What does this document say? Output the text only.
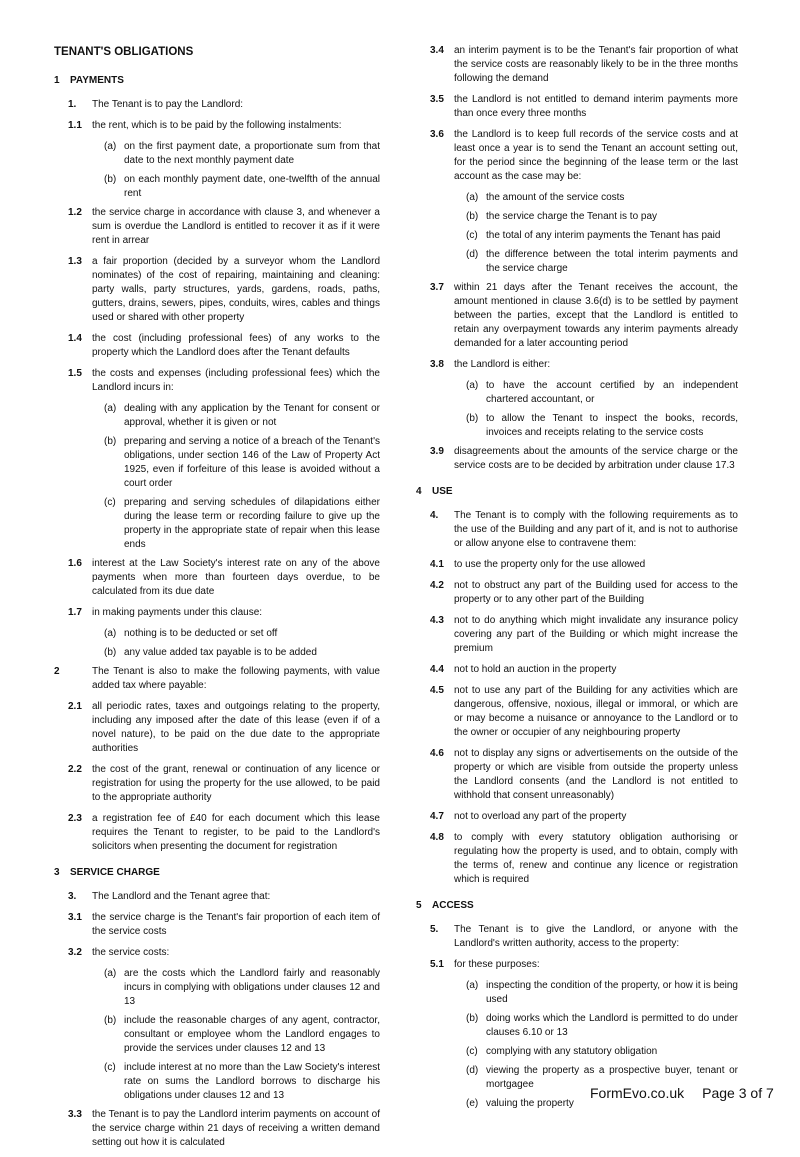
TENANT'S OBLIGATIONS
1	PAYMENTS
1.	The Tenant is to pay the Landlord:
1.1	the rent, which is to be paid by the following instalments:
(a) on the first payment date, a proportionate sum from that date to the next monthly payment date
(b) on each monthly payment date, one-twelfth of the annual rent
1.2	the service charge in accordance with clause 3, and whenever a sum is overdue the Landlord is entitled to recover it as if it were rent in arrear
1.3	a fair proportion (decided by a surveyor whom the Landlord nominates) of the cost of repairing, maintaining and cleaning: party walls, party structures, yards, gardens, roads, paths, gutters, drains, sewers, pipes, conduits, wires, cables and things used or shared with other property
1.4	the cost (including professional fees) of any works to the property which the Landlord does after the Tenant defaults
1.5	the costs and expenses (including professional fees) which the Landlord incurs in:
(a) dealing with any application by the Tenant for consent or approval, whether it is given or not
(b) preparing and serving a notice of a breach of the Tenant's obligations, under section 146 of the Law of Property Act 1925, even if forfeiture of this lease is avoided without a court order
(c) preparing and serving schedules of dilapidations either during the lease term or recording failure to give up the property in the appropriate state of repair when this lease ends
1.6	interest at the Law Society's interest rate on any of the above payments when more than fourteen days overdue, to be calculated from its due date
1.7	in making payments under this clause:
(a) nothing is to be deducted or set off
(b) any value added tax payable is to be added
2	The Tenant is also to make the following payments, with value added tax where payable:
2.1	all periodic rates, taxes and outgoings relating to the property, including any imposed after the date of this lease (even if of a novel nature), to be paid on the due date to the appropriate authorities
2.2	the cost of the grant, renewal or continuation of any licence or registration for using the property for the use allowed, to be paid to the appropriate authority
2.3	a registration fee of £40 for each document which this lease requires the Tenant to register, to be paid to the Landlord's solicitors when presenting the document for registration
3	SERVICE CHARGE
3.	The Landlord and the Tenant agree that:
3.1	the service charge is the Tenant's fair proportion of each item of the service costs
3.2	the service costs:
(a) are the costs which the Landlord fairly and reasonably incurs in complying with obligations under clauses 12 and 13
(b) include the reasonable charges of any agent, contractor, consultant or employee whom the Landlord engages to provide the services under clauses 12 and 13
(c) include interest at no more than the Law Society's interest rate on sums the Landlord borrows to discharge his obligations under clauses 12 and 13
3.3	the Tenant is to pay the Landlord interim payments on account of the service charge within 21 days of receiving a written demand setting out how it is calculated
3.4	an interim payment is to be the Tenant's fair proportion of what the service costs are reasonably likely to be in the three months following the demand
3.5	the Landlord is not entitled to demand interim payments more than once every three months
3.6	the Landlord is to keep full records of the service costs and at least once a year is to send the Tenant an account setting out, for the period since the beginning of the lease term or the last account as the case may be:
(a) the amount of the service costs
(b) the service charge the Tenant is to pay
(c) the total of any interim payments the Tenant has paid
(d) the difference between the total interim payments and the service charge
3.7	within 21 days after the Tenant receives the account, the amount mentioned in clause 3.6(d) is to be settled by payment between the parties, except that the Landlord is entitled to retain any overpayment towards any interim payments already demanded for a later accounting period
3.8	the Landlord is either:
(a) to have the account certified by an independent chartered accountant, or
(b) to allow the Tenant to inspect the books, records, invoices and receipts relating to the service costs
3.9	disagreements about the amounts of the service charge or the service costs are to be decided by arbitration under clause 17.3
4	USE
4.	The Tenant is to comply with the following requirements as to the use of the Building and any part of it, and is not to authorise or allow anyone else to contravene them:
4.1	to use the property only for the use allowed
4.2	not to obstruct any part of the Building used for access to the property or to any other part of the Building
4.3	not to do anything which might invalidate any insurance policy covering any part of the Building or which might increase the premium
4.4	not to hold an auction in the property
4.5	not to use any part of the Building for any activities which are dangerous, offensive, noxious, illegal or immoral, or which are or may become a nuisance or annoyance to the Landlord or to the owner or occupier of any neighbouring property
4.6	not to display any signs or advertisements on the outside of the property or which are visible from outside the property unless the Landlord consents (and the Landlord is not entitled to withhold that consent unreasonably)
4.7	not to overload any part of the property
4.8	to comply with every statutory obligation authorising or regulating how the property is used, and to obtain, comply with the terms of, renew and continue any licence or registration which is required
5	ACCESS
5.	The Tenant is to give the Landlord, or anyone with the Landlord's written authority, access to the property:
5.1	for these purposes:
(a) inspecting the condition of the property, or how it is being used
(b) doing works which the Landlord is permitted to do under clauses 6.10 or 13
(c) complying with any statutory obligation
(d) viewing the property as a prospective buyer, tenant or mortgagee
(e) valuing the property
FormEvo.co.uk Page 3 of 7
